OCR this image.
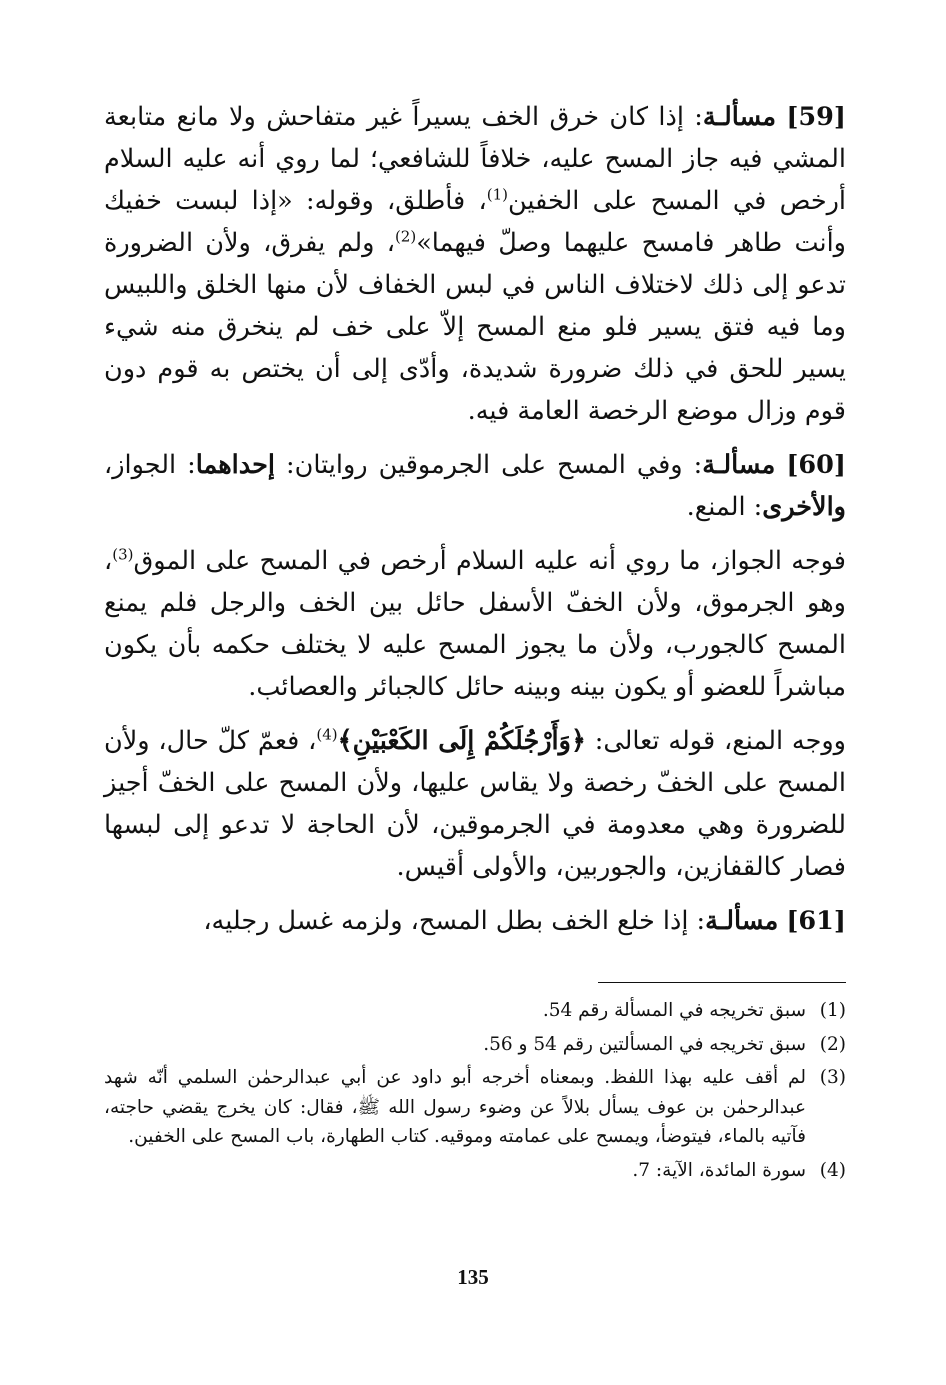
[59] مسألـة: إذا كان خرق الخف يسيراً غير متفاحش ولا مانع متابعة المشي فيه جاز المسح عليه، خلافاً للشافعي؛ لما روي أنه عليه السلام أرخص في المسح على الخفين$^{(1)}$، فأطلق، وقوله: «إذا لبست خفيك وأنت طاهر فامسح عليهما وصلّ فيهما»$^{(2)}$، ولم يفرق، ولأن الضرورة تدعو إلى ذلك لاختلاف الناس في لبس الخفاف لأن منها الخلق واللبيس وما فيه فتق يسير فلو منع المسح إلاّ على خف لم ينخرق منه شيء يسير للحق في ذلك ضرورة شديدة، وأدّى إلى أن يختص به قوم دون قوم وزال موضع الرخصة العامة فيه.

[60] مسألـة: وفي المسح على الجرموقين روايتان: إحداهما: الجواز، والأخرى: المنع.

فوجه الجواز، ما روي أنه عليه السلام أرخص في المسح على الموق$^{(3)}$، وهو الجرموق، ولأن الخفّ الأسفل حائل بين الخف والرجل فلم يمنع المسح كالجورب، ولأن ما يجوز المسح عليه لا يختلف حكمه بأن يكون مباشراً للعضو أو يكون بينه وبينه حائل كالجبائر والعصائب.

ووجه المنع، قوله تعالى: ﴿وَأَرْجُلَكُمْ إِلَى الكَعْبَيْنِ﴾$^{(4)}$، فعمّ كلّ حال، ولأن المسح على الخفّ رخصة ولا يقاس عليها، ولأن المسح على الخفّ أجيز للضرورة وهي معدومة في الجرموقين، لأن الحاجة لا تدعو إلى لبسها فصار كالقفازين، والجوربين، والأولى أقيس.

[61] مسألـة: إذا خلع الخف بطل المسح، ولزمه غسل رجليه،

(1)
سبق تخريجه في المسألة رقم 54.
(2)
سبق تخريجه في المسألتين رقم 54 و 56.
(3)
لم أقف عليه بهذا اللفظ. وبمعناه أخرجه أبو داود عن أبي عبدالرحمٰن السلمي أنّه شهد عبدالرحمٰن بن عوف يسأل بلالاً عن وضوء رسول الله ﷺ، فقال: كان يخرج يقضي حاجته، فآتيه بالماء، فيتوضأ، ويمسح على عمامته وموقيه. كتاب الطهارة، باب المسح على الخفين.
(4)
سورة المائدة، الآية: 7.
135
